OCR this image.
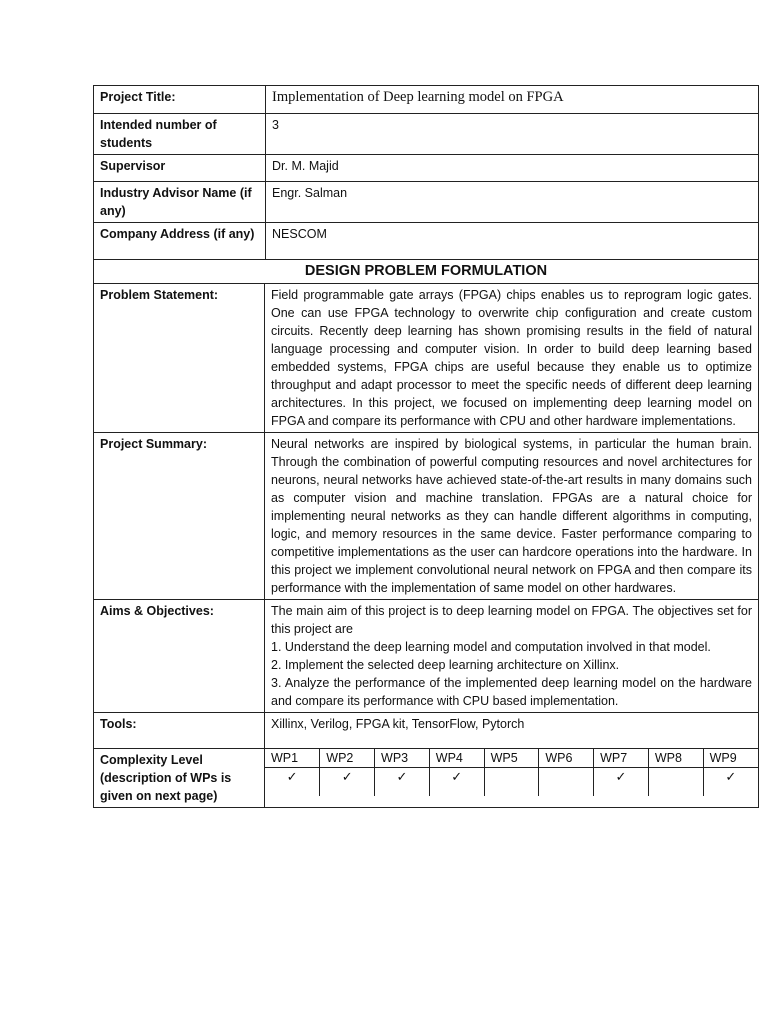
Project Title:	Implementation of Deep learning model on FPGA
Intended number of students	3
Supervisor	Dr. M. Majid
Industry Advisor Name (if any)	Engr. Salman
Company Address (if any)	NESCOM
DESIGN PROBLEM FORMULATION	
Problem Statement:	Field programmable gate arrays (FPGA) chips enables us to reprogram logic gates. One can use FPGA technology to overwrite chip configuration and create custom circuits. Recently deep learning has shown promising results in the field of natural language processing and computer vision. In order to build deep learning based embedded systems, FPGA chips are useful because they enable us to optimize throughput and adapt processor to meet the specific needs of different deep learning architectures. In this project, we focused on implementing deep learning model on FPGA and compare its performance with CPU and other hardware implementations.
Project Summary:	Neural networks are inspired by biological systems, in particular the human brain. Through the combination of powerful computing resources and novel architectures for neurons, neural networks have achieved state-of-the-art results in many domains such as computer vision and machine translation. FPGAs are a natural choice for implementing neural networks as they can handle different algorithms in computing, logic, and memory resources in the same device. Faster performance comparing to competitive implementations as the user can hardcore operations into the hardware. In this project we implement convolutional neural network on FPGA and then compare its performance with the implementation of same model on other hardwares.
Aims & Objectives:	The main aim of this project is to deep learning model on FPGA. The objectives set for this project are

1. Understand the deep learning model and computation involved in that model.

2. Implement the selected deep learning architecture on Xillinx.

3. Analyze the performance of the implemented deep learning model on the hardware and compare its performance with CPU based implementation.

Tools:	Xillinx, Verilog, FPGA kit, TensorFlow, Pytorch
Complexity Level (description of WPs is given on next page)	
WP1	WP2	WP3	WP4	WP5	WP6	WP7	WP8	WP9
✓	✓	✓	✓			✓		✓
